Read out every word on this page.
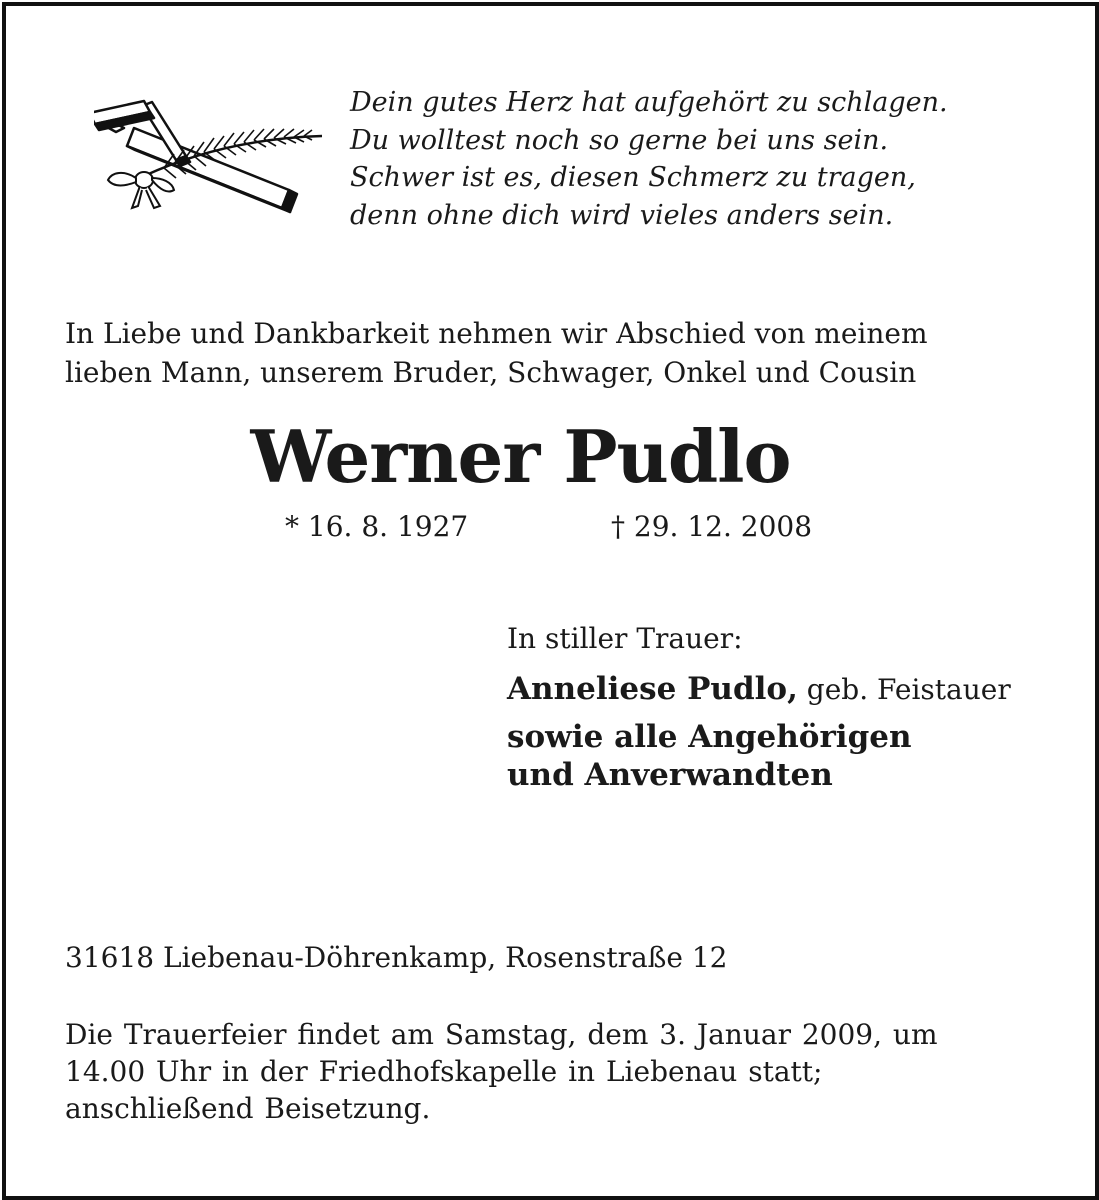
Dein gutes Herz hat aufgehört zu schlagen.
Du wolltest noch so gerne bei uns sein.
Schwer ist es, diesen Schmerz zu tragen,
denn ohne dich wird vieles anders sein.
In Liebe und Dankbarkeit nehmen wir Abschied von meinem
lieben Mann, unserem Bruder, Schwager, Onkel und Cousin
Werner Pudlo
* 16. 8. 1927	† 29. 12. 2008
In stiller Trauer:
Anneliese Pudlo, geb. Feistauer
sowie alle Angehörigen
und Anverwandten
31618 Liebenau-Döhrenkamp, Rosenstraße 12
Die Trauerfeier findet am Samstag, dem 3. Januar 2009, um
14.00 Uhr in der Friedhofskapelle in Liebenau statt;
anschließend Beisetzung.
